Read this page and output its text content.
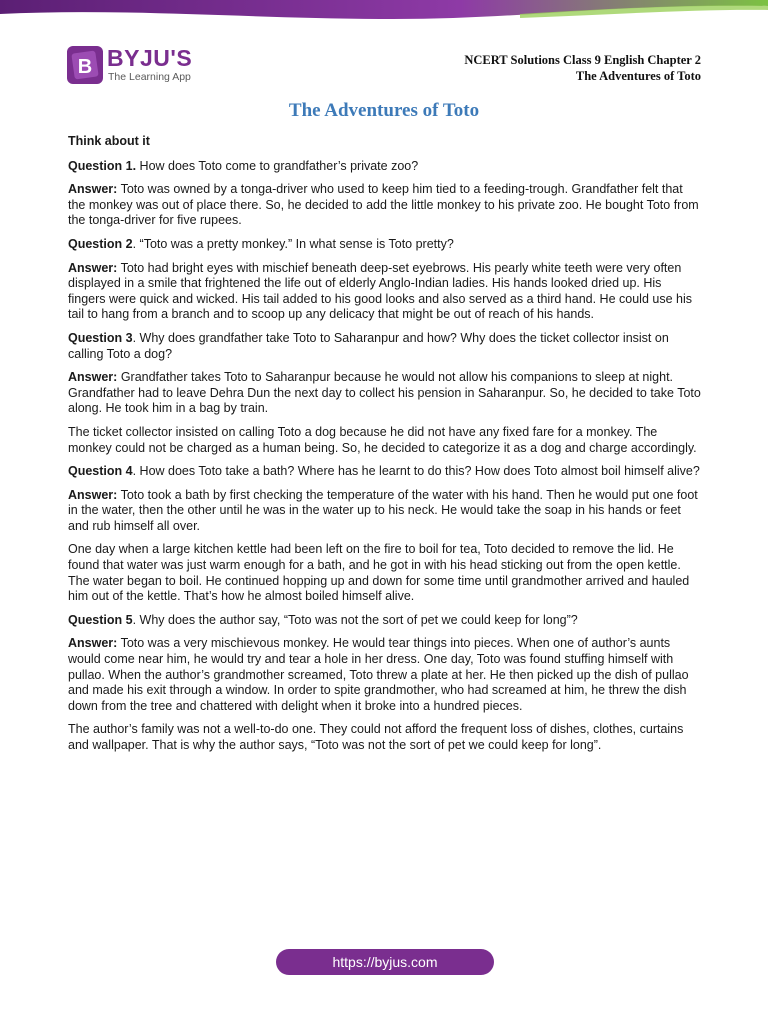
B BYJU'S
The Learning App
NCERT Solutions Class 9 English Chapter 2
The Adventures of Toto
The Adventures of Toto

Think about it

Question 1. How does Toto come to grandfather’s private zoo?

Answer: Toto was owned by a tonga-driver who used to keep him tied to a feeding-trough. Grandfather felt that the monkey was out of place there. So, he decided to add the little monkey to his private zoo. He bought Toto from the tonga-driver for five rupees.

Question 2. “Toto was a pretty monkey.” In what sense is Toto pretty?

Answer: Toto had bright eyes with mischief beneath deep-set eyebrows. His pearly white teeth were very often displayed in a smile that frightened the life out of elderly Anglo-Indian ladies. His hands looked dried up. His fingers were quick and wicked. His tail added to his good looks and also served as a third hand. He could use his tail to hang from a branch and to scoop up any delicacy that might be out of reach of his hands.

Question 3. Why does grandfather take Toto to Saharanpur and how? Why does the ticket collector insist on calling Toto a dog?

Answer: Grandfather takes Toto to Saharanpur because he would not allow his companions to sleep at night. Grandfather had to leave Dehra Dun the next day to collect his pension in Saharanpur. So, he decided to take Toto along. He took him in a bag by train.

The ticket collector insisted on calling Toto a dog because he did not have any fixed fare for a monkey. The monkey could not be charged as a human being. So, he decided to categorize it as a dog and charge accordingly.

Question 4. How does Toto take a bath? Where has he learnt to do this? How does Toto almost boil himself alive?

Answer: Toto took a bath by first checking the temperature of the water with his hand. Then he would put one foot in the water, then the other until he was in the water up to his neck. He would take the soap in his hands or feet and rub himself all over.

One day when a large kitchen kettle had been left on the fire to boil for tea, Toto decided to remove the lid. He found that water was just warm enough for a bath, and he got in with his head sticking out from the open kettle. The water began to boil. He continued hopping up and down for some time until grandmother arrived and hauled him out of the kettle. That’s how he almost boiled himself alive.

Question 5. Why does the author say, “Toto was not the sort of pet we could keep for long”?

Answer: Toto was a very mischievous monkey. He would tear things into pieces. When one of author’s aunts would come near him, he would try and tear a hole in her dress. One day, Toto was found stuffing himself with pullao. When the author’s grandmother screamed, Toto threw a plate at her. He then picked up the dish of pullao and made his exit through a window. In order to spite grandmother, who had screamed at him, he threw the dish down from the tree and chattered with delight when it broke into a hundred pieces.

The author’s family was not a well-to-do one. They could not afford the frequent loss of dishes, clothes, curtains and wallpaper. That is why the author says, “Toto was not the sort of pet we could keep for long”.

https://byjus.com
